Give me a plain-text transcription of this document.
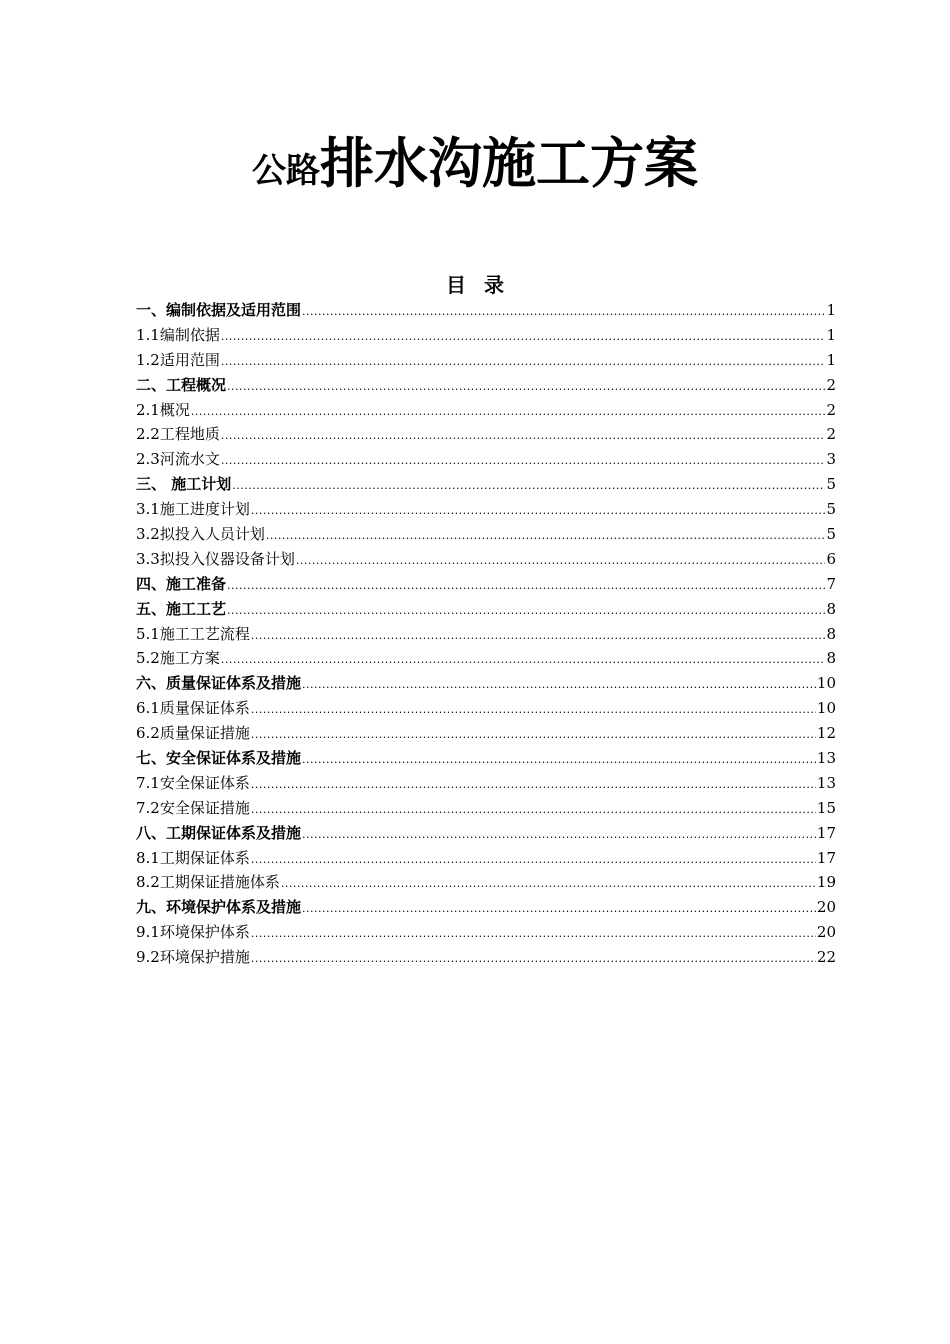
公路排水沟施工方案
目录
一、编制依据及适用范围 .....	1
1.1编制依据 .....	1
1.2适用范围 .....	1
二、工程概况 .....	2
2.1概况 .....	2
2.2工程地质 .....	2
2.3河流水文 .....	3
三、 施工计划 .....	5
3.1施工进度计划 .....	5
3.2拟投入人员计划 .....	5
3.3拟投入仪器设备计划 .....	6
四、施工准备 .....	7
五、施工工艺 .....	8
5.1施工工艺流程 .....	8
5.2施工方案 .....	8
六、质量保证体系及措施 .....	10
6.1质量保证体系 .....	10
6.2质量保证措施 .....	12
七、安全保证体系及措施 .....	13
7.1安全保证体系 .....	13
7.2安全保证措施 .....	15
八、工期保证体系及措施 .....	17
8.1工期保证体系 .....	17
8.2工期保证措施体系 .....	19
九、环境保护体系及措施 .....	20
9.1环境保护体系 .....	20
9.2环境保护措施 .....	22
